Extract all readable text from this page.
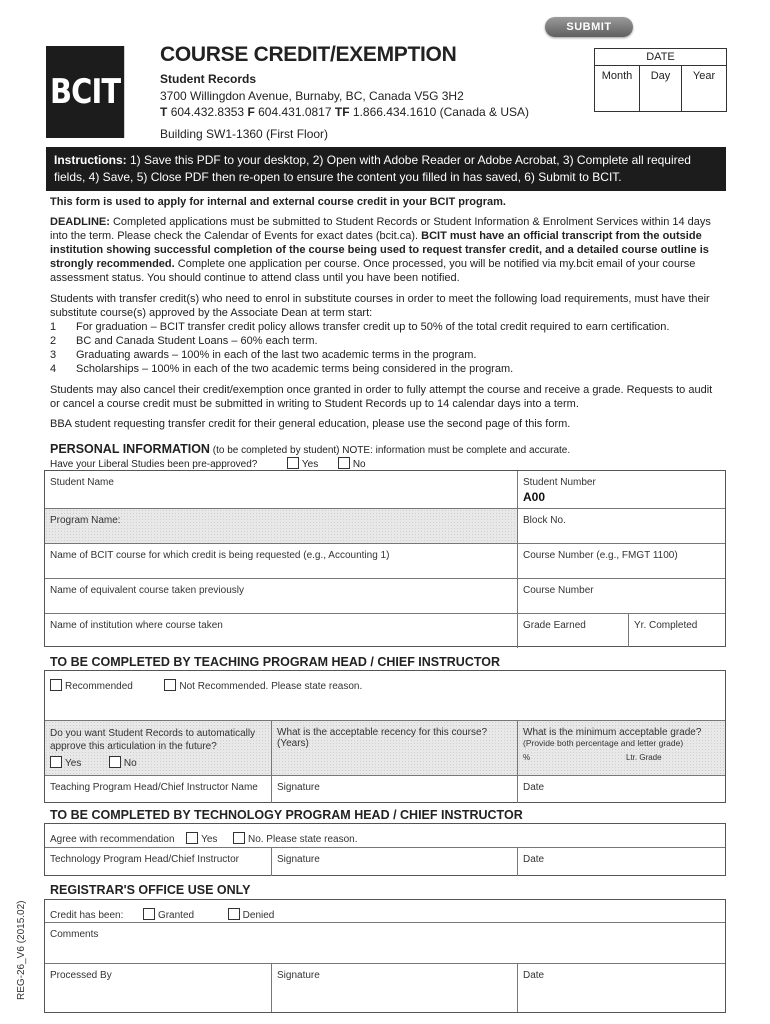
SUBMIT
BCIT
COURSE CREDIT/EXEMPTION
Student Records
3700 Willingdon Avenue, Burnaby, BC, Canada V5G 3H2
T 604.432.8353 F 604.431.0817 TF 1.866.434.1610 (Canada & USA)
Building SW1-1360 (First Floor)
DATE
Month	Day	Year
Instructions: 1) Save this PDF to your desktop, 2) Open with Adobe Reader or Adobe Acrobat, 3) Complete all required fields, 4) Save, 5) Close PDF then re-open to ensure the content you filled in has saved, 6) Submit to BCIT.
This form is used to apply for internal and external course credit in your BCIT program.
DEADLINE: Completed applications must be submitted to Student Records or Student Information & Enrolment Services within 14 days into the term. Please check the Calendar of Events for exact dates (bcit.ca). BCIT must have an official transcript from the outside institution showing successful completion of the course being used to request transfer credit, and a detailed course outline is strongly recommended. Complete one application per course. Once processed, you will be notified via my.bcit email of your course assessment status. You should continue to attend class until you have been notified.
Students with transfer credit(s) who need to enrol in substitute courses in order to meet the following load requirements, must have their substitute course(s) approved by the Associate Dean at term start:
1 For graduation – BCIT transfer credit policy allows transfer credit up to 50% of the total credit required to earn certification.
2 BC and Canada Student Loans – 60% each term.
3 Graduating awards – 100% in each of the last two academic terms in the program.
4 Scholarships – 100% in each of the two academic terms being considered in the program.
Students may also cancel their credit/exemption once granted in order to fully attempt the course and receive a grade. Requests to audit or cancel a course credit must be submitted in writing to Student Records up to 14 calendar days into a term.
BBA student requesting transfer credit for their general education, please use the second page of this form.
PERSONAL INFORMATION (to be completed by student) NOTE: information must be complete and accurate.
Have your Liberal Studies been pre-approved?	Yes	No
Student Name	Student Number
A00
Program Name:	Block No.
Name of BCIT course for which credit is being requested (e.g., Accounting 1)	Course Number (e.g., FMGT 1100)
Name of equivalent course taken previously	Course Number
Name of institution where course taken	Grade Earned	Yr. Completed
TO BE COMPLETED BY TEACHING PROGRAM HEAD / CHIEF INSTRUCTOR
Recommended	Not Recommended. Please state reason.
Do you want Student Records to automatically approve this articulation in the future?
Yes	No
What is the acceptable recency for this course? (Years)
What is the minimum acceptable grade?
(Provide both percentage and letter grade)
%	Ltr. Grade
Teaching Program Head/Chief Instructor Name	Signature	Date
TO BE COMPLETED BY TECHNOLOGY PROGRAM HEAD / CHIEF INSTRUCTOR
Agree with recommendation	Yes	No. Please state reason.
Technology Program Head/Chief Instructor	Signature	Date
REGISTRAR'S OFFICE USE ONLY
Credit has been:	Granted	Denied
Comments
Processed By	Signature	Date
REG-26_V6 (2015.02)
